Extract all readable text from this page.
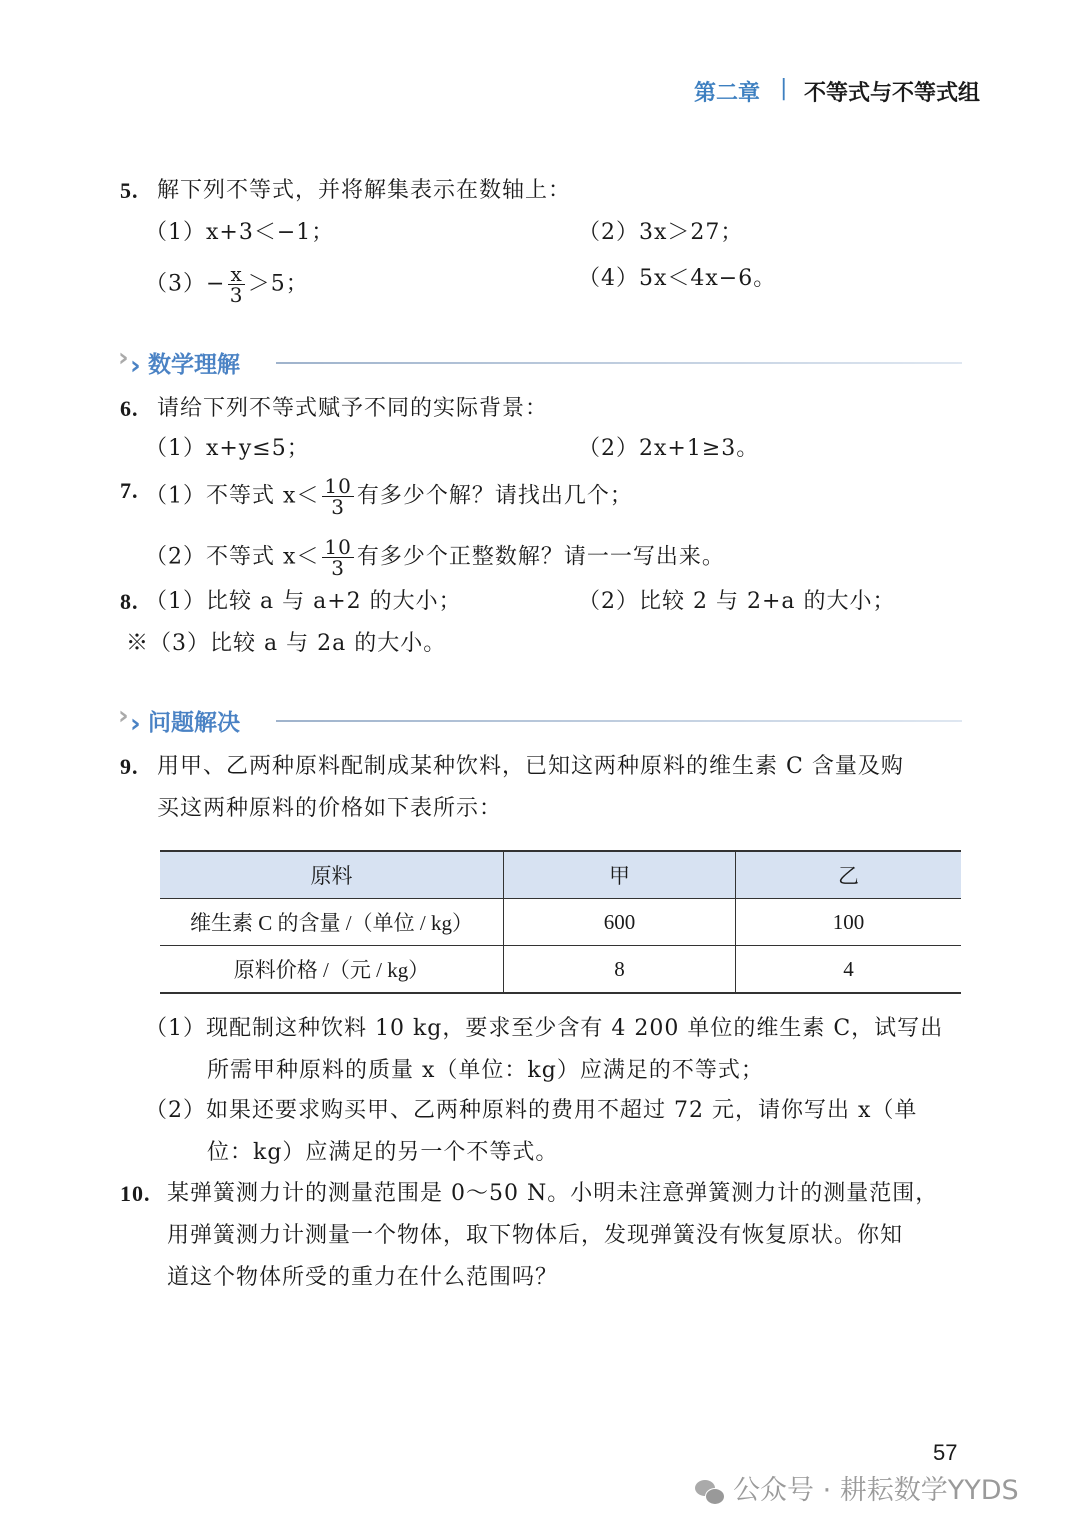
第二章 | 不等式与不等式组
5. 解下列不等式，并将解集表示在数轴上：
（1）x+3＜−1；	（2）3x＞27；
$(3)- \frac{x}{3} >5$；	（4）5x＜4x−6。
› › 数学理解
6. 请给下列不等式赋予不同的实际背景：
（1）x+y≤5；	（2）2x+1≥3。
7. （1）不等式 $x< \frac{10}{3}$ 有多少个解？请找出几个；
（2）不等式 $x< \frac{10}{3}$ 有多少个正整数解？请一一写出来。
8. （1）比较 a 与 a+2 的大小；	（2）比较 2 与 2+a 的大小；
※（3）比较 a 与 2a 的大小。
› › 问题解决
9. 用甲、乙两种原料配制成某种饮料，已知这两种原料的维生素 C 含量及购
买这两种原料的价格如下表所示：
原料	甲	乙
维生素 C 的含量 /（单位 / kg）	600	100
原料价格 /（元 / kg）	8	4
（1）现配制这种饮料 10 kg，要求至少含有 4 200 单位的维生素 C，试写出
所需甲种原料的质量 x（单位：kg）应满足的不等式；
（2）如果还要求购买甲、乙两种原料的费用不超过 72 元，请你写出 x（单
位：kg）应满足的另一个不等式。
10. 某弹簧测力计的测量范围是 0～50 N。小明未注意弹簧测力计的测量范围，
用弹簧测力计测量一个物体，取下物体后，发现弹簧没有恢复原状。你知
道这个物体所受的重力在什么范围吗？
57
公众号 · 耕耘数学YYDS
